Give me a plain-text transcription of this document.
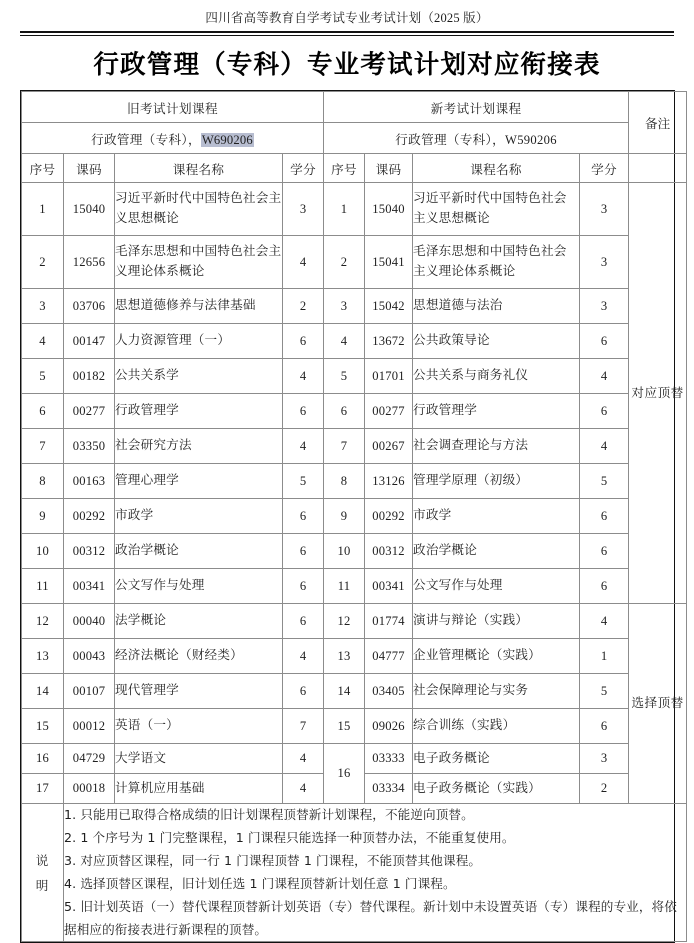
四川省高等教育自学考试专业考试计划（2025 版）
行政管理（专科）专业考试计划对应衔接表
旧考试计划课程				新考试计划课程				备注
行政管理（专科），W690206				行政管理（专科），W590206				
序号	课码	课程名称	学分	序号	课码	课程名称	学分	
1	15040	习近平新时代中国特色社会主义思想概论	3	1	15040	习近平新时代中国特色社会主义思想概论	3	对应顶替
2	12656	毛泽东思想和中国特色社会主义理论体系概论	4	2	15041	毛泽东思想和中国特色社会主义理论体系概论	3	
3	03706	思想道德修养与法律基础	2	3	15042	思想道德与法治	3	
4	00147	人力资源管理（一）	6	4	13672	公共政策导论	6	
5	00182	公共关系学	4	5	01701	公共关系与商务礼仪	4	
6	00277	行政管理学	6	6	00277	行政管理学	6	
7	03350	社会研究方法	4	7	00267	社会调查理论与方法	4	
8	00163	管理心理学	5	8	13126	管理学原理（初级）	5	
9	00292	市政学	6	9	00292	市政学	6	
10	00312	政治学概论	6	10	00312	政治学概论	6	
11	00341	公文写作与处理	6	11	00341	公文写作与处理	6	
12	00040	法学概论	6	12	01774	演讲与辩论（实践）	4	选择顶替
13	00043	经济法概论（财经类）	4	13	04777	企业管理概论（实践）	1	
14	00107	现代管理学	6	14	03405	社会保障理论与实务	5	
15	00012	英语（一）	7	15	09026	综合训练（实践）	6	
16	04729	大学语文	4	16	03333	电子政务概论	3	
17	00018	计算机应用基础	4		03334	电子政务概论（实践）	2	

说
明

1. 只能用已取得合格成绩的旧计划课程顶替新计划课程，不能逆向顶替。

2. 1 个序号为 1 门完整课程，1 门课程只能选择一种顶替办法，不能重复使用。

3. 对应顶替区课程，同一行 1 门课程顶替 1 门课程，不能顶替其他课程。

4. 选择顶替区课程，旧计划任选 1 门课程顶替新计划任意 1 门课程。

5. 旧计划英语（一）替代课程顶替新计划英语（专）替代课程。新计划中未设置英语（专）课程的专业，将依据相应的衔接表进行新课程的顶替。
